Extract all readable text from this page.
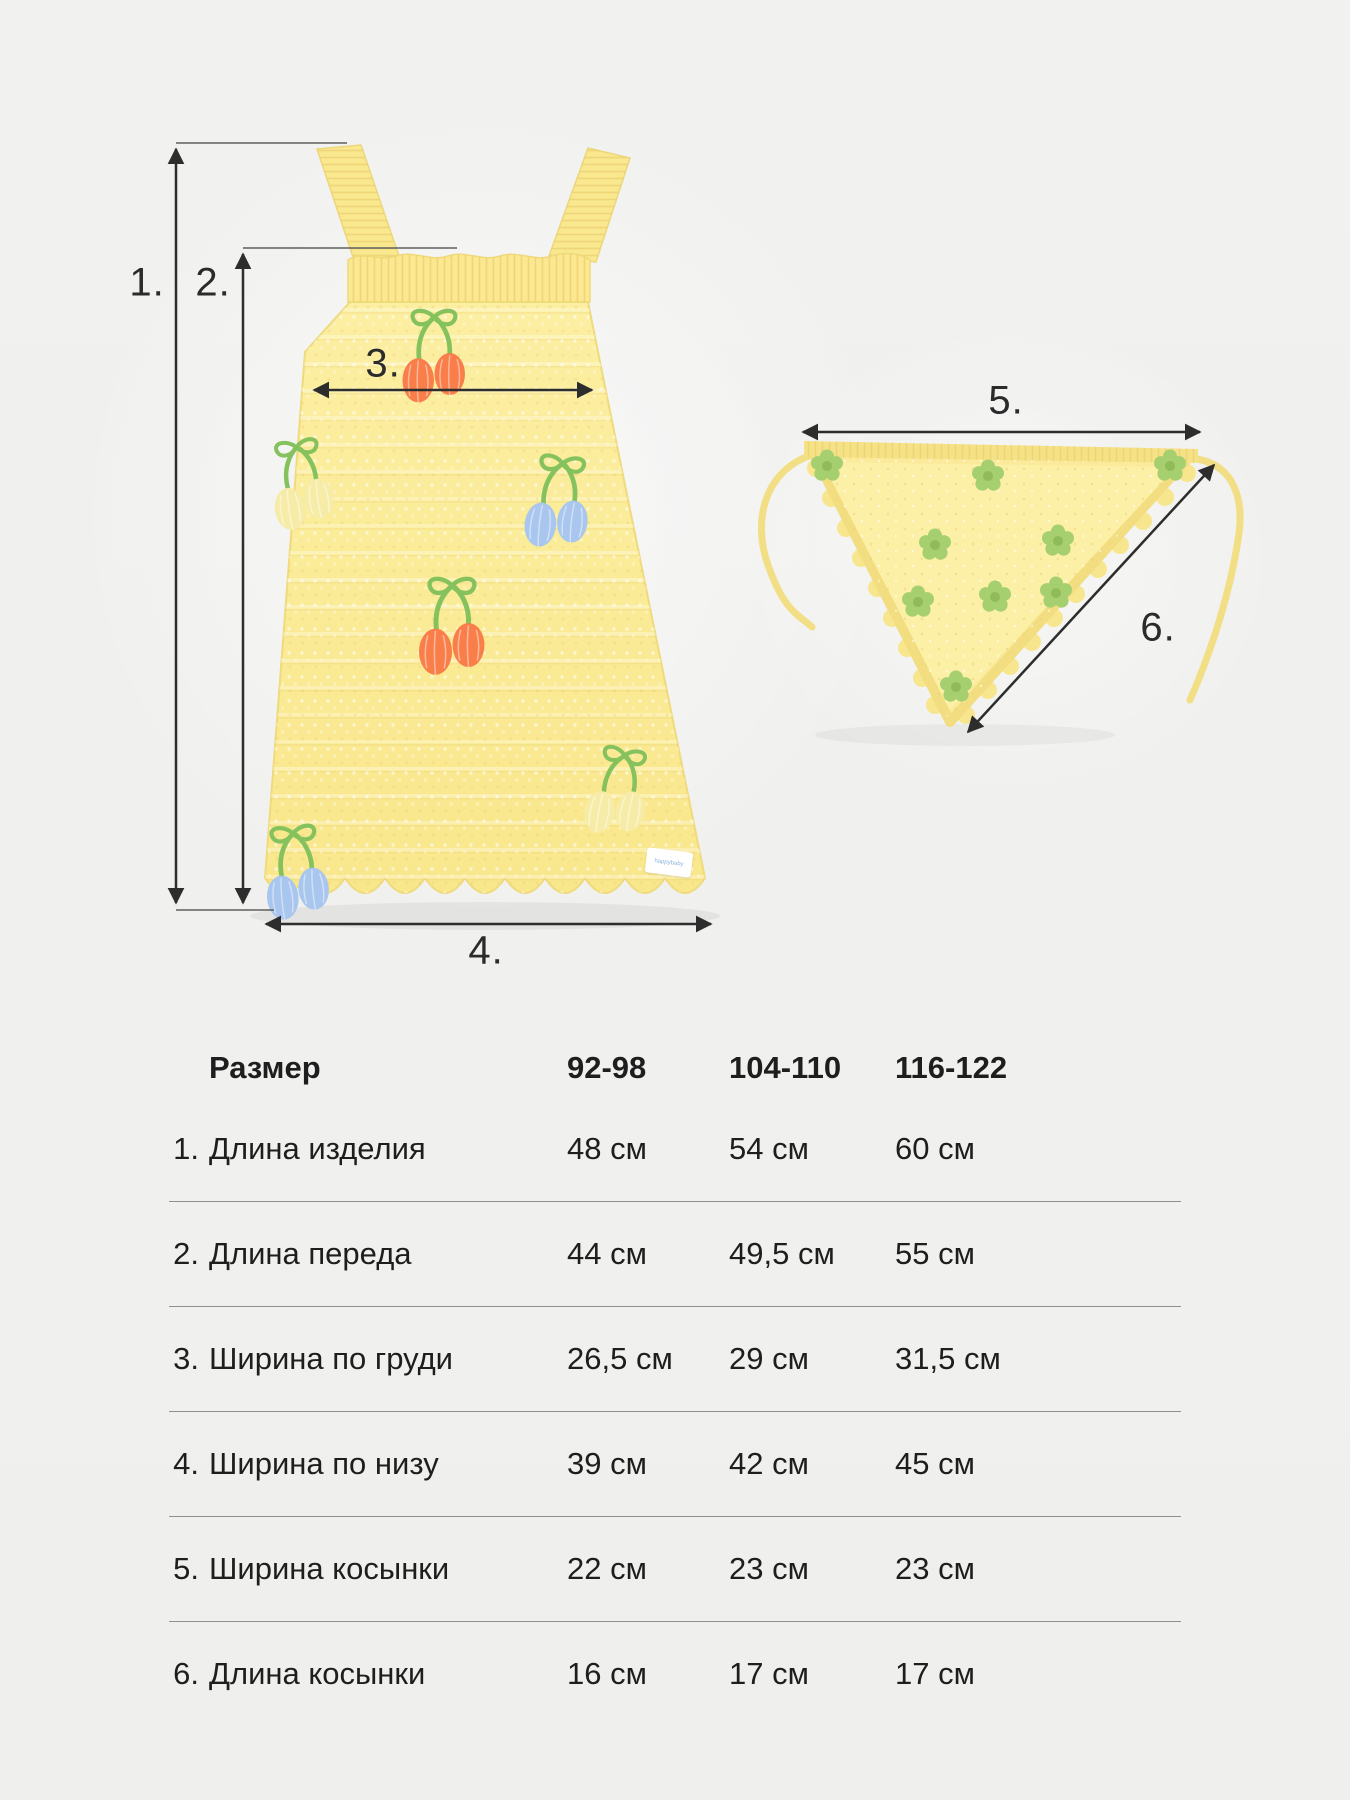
1. 2.
3.
4.
5.
6.
happybaby
Размер	92-98	104-110	116-122
1. Длина изделия	48 см	54 см	60 см
2. Длина переда	44 см	49,5 см	55 см
3. Ширина по груди	26,5 см	29 см	31,5 см
4. Ширина по низу	39 см	42 см	45 см
5. Ширина косынки	22 см	23 см	23 см
6. Длина косынки	16 см	17 см	17 см
